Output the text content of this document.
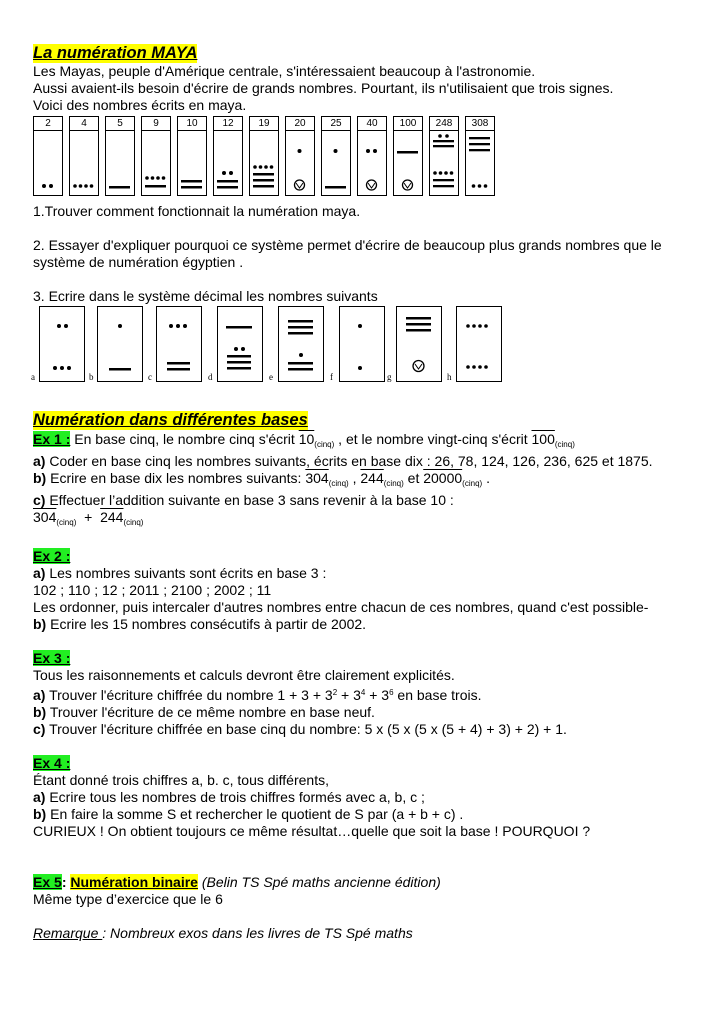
La numération MAYA

Les Mayas, peuple d'Amérique centrale, s'intéressaient beaucoup à l'astronomie.

Aussi avaient-ils besoin d'écrire de grands nombres. Pourtant, ils n'utilisaient que trois signes.

Voici des nombres écrits en maya.

2	4	5	9	10	12	19	20	25	40	100	248	308

1.Trouver comment fonctionnait la numération maya.

2. Essayer d'expliquer pourquoi ce système permet d'écrire de beaucoup plus grands nombres que le système de numération égyptien .

3. Ecrire dans le système décimal les nombres suivants

a	b	c	d	e	f	g	h
Numération dans différentes bases

Ex 1 : En base cinq, le nombre cinq s'écrit $10_{(cinq)}$ , et le nombre vingt-cinq s'écrit $100_{(cinq)}$

a) Coder en base cinq les nombres suivants, écrits en base dix : 26, 78, 124, 126, 236, 625 et 1875.

b) Ecrire en base dix les nombres suivants: $304_{(cinq)}$ , $244_{(cinq)}$ et $20000_{(cinq)}$ .

c) Effectuer l’addition suivante en base 3 sans revenir à la base 10 :

$304_{(cinq)} + 244_{(cinq)}$

Ex 2 :

a) Les nombres suivants sont écrits en base 3 :

102 ; 110 ; 12 ; 2011 ; 2100 ; 2002 ; 11

Les ordonner, puis intercaler d'autres nombres entre chacun de ces nombres, quand c'est possible-

b) Ecrire les 15 nombres consécutifs à partir de 2002.

Ex 3 :

Tous les raisonnements et calculs devront être clairement explicités.

a) Trouver l'écriture chiffrée du nombre $1 + 3 + 3^2 + 3^4 + 3^6$ en base trois.

b) Trouver l'écriture de ce même nombre en base neuf.

c) Trouver l'écriture chiffrée en base cinq du nombre: 5 x (5 x (5 x (5 + 4) + 3) + 2) + 1.

Ex 4 :

Étant donné trois chiffres a, b. c, tous différents,

a) Ecrire tous les nombres de trois chiffres formés avec a, b, c ;

b) En faire la somme S et rechercher le quotient de S par (a + b + c) .

CURIEUX ! On obtient toujours ce même résultat…quelle que soit la base ! POURQUOI ?

Ex 5: Numération binaire (Belin TS Spé maths ancienne édition)

Même type d’exercice que le 6

Remarque : Nombreux exos dans les livres de TS Spé maths
